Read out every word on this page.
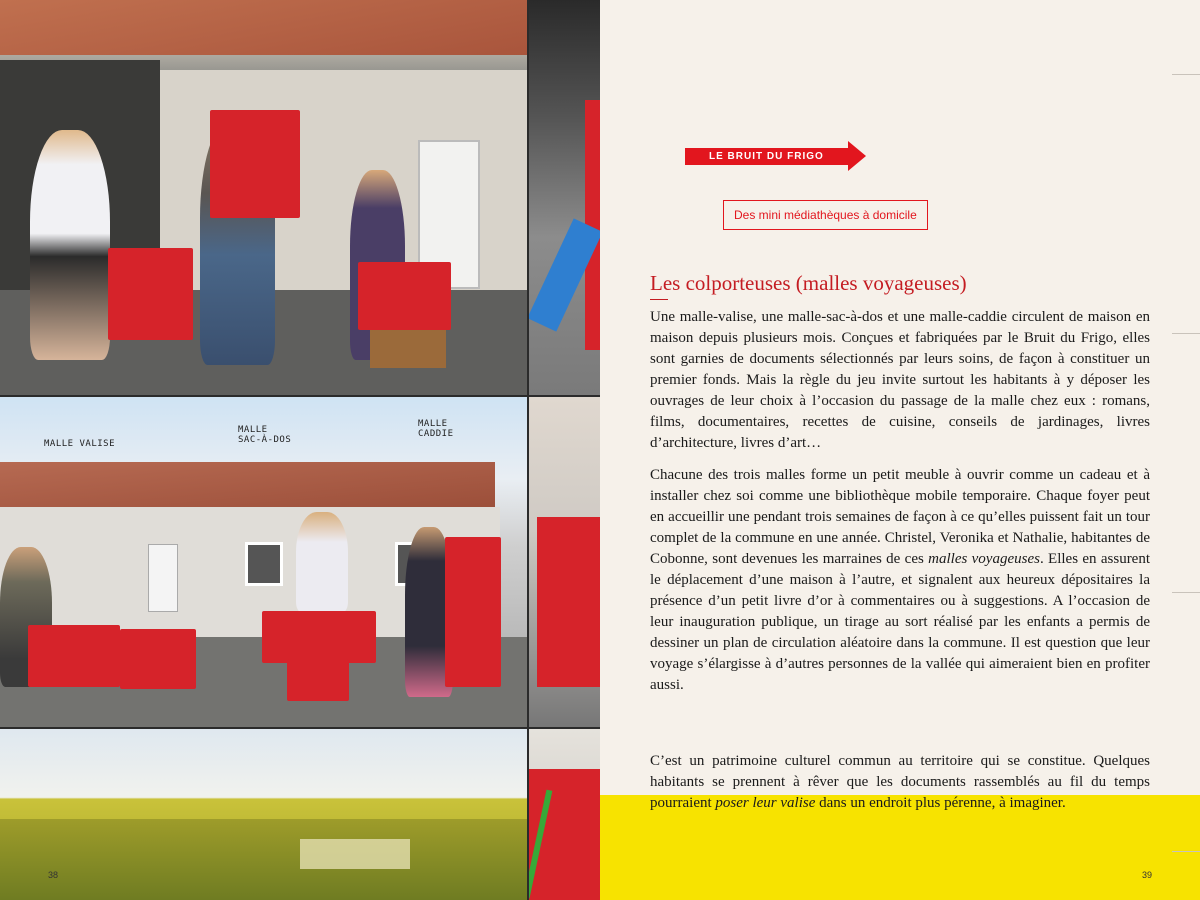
MALLE VALISE
MALLE
SAC-À-DOS
MALLE
CADDIE
38
LE BRUIT DU FRIGO
Des mini médiathèques à domicile
Les colporteuses (malles voyageuses)

Une malle-valise, une malle-sac-à-dos et une malle-caddie circulent de maison en maison depuis plusieurs mois. Conçues et fabriquées par le Bruit du Frigo, elles sont garnies de documents sélectionnés par leurs soins, de façon à constituer un premier fonds. Mais la règle du jeu invite surtout les habitants à y déposer les ouvrages de leur choix à l’occasion du passage de la malle chez eux : romans, films, documentaires, recettes de cuisine, conseils de jardinages, livres d’architecture, livres d’art…

Chacune des trois malles forme un petit meuble à ouvrir comme un cadeau et à installer chez soi comme une bibliothèque mobile temporaire. Chaque foyer peut en accueillir une pendant trois semaines de façon à ce qu’elles puissent fait un tour complet de la commune en une année. Christel, Veronika et Nathalie, habitantes de Cobonne, sont devenues les marraines de ces malles voyageuses. Elles en assurent le déplacement d’une maison à l’autre, et signalent aux heureux dépositaires la présence d’un petit livre d’or à commentaires ou à suggestions. A l’occasion de leur inauguration publique, un tirage au sort réalisé par les enfants a permis de dessiner un plan de circulation aléatoire dans la commune. Il est question que leur voyage s’élargisse à d’autres personnes de la vallée qui aimeraient bien en profiter aussi.

C’est un patrimoine culturel commun au territoire qui se constitue. Quelques habitants se prennent à rêver que les documents rassemblés au fil du temps pourraient poser leur valise dans un endroit plus pérenne, à imaginer.

39
